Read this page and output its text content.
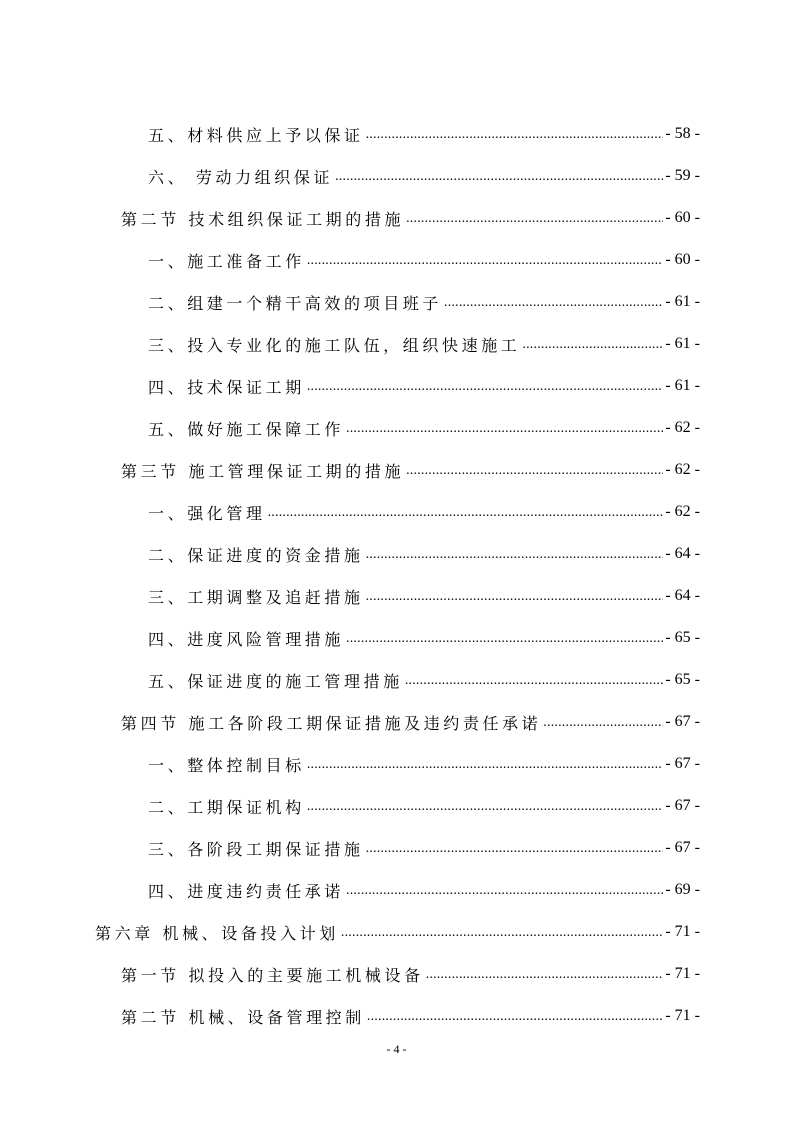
五、材料供应上予以保证 .....	- 58 -
六、 劳动力组织保证 .....	- 59 -
第二节 技术组织保证工期的措施 .....	- 60 -
一、施工准备工作 .....	- 60 -
二、组建一个精干高效的项目班子 .....	- 61 -
三、投入专业化的施工队伍，组织快速施工 .....	- 61 -
四、技术保证工期 .....	- 61 -
五、做好施工保障工作 .....	- 62 -
第三节 施工管理保证工期的措施 .....	- 62 -
一、强化管理 .....	- 62 -
二、保证进度的资金措施 .....	- 64 -
三、工期调整及追赶措施 .....	- 64 -
四、进度风险管理措施 .....	- 65 -
五、保证进度的施工管理措施 .....	- 65 -
第四节 施工各阶段工期保证措施及违约责任承诺 .....	- 67 -
一、整体控制目标 .....	- 67 -
二、工期保证机构 .....	- 67 -
三、各阶段工期保证措施 .....	- 67 -
四、进度违约责任承诺 .....	- 69 -
第六章 机械、设备投入计划 .....	- 71 -
第一节 拟投入的主要施工机械设备 .....	- 71 -
第二节 机械、设备管理控制 .....	- 71 -
- 4 -
